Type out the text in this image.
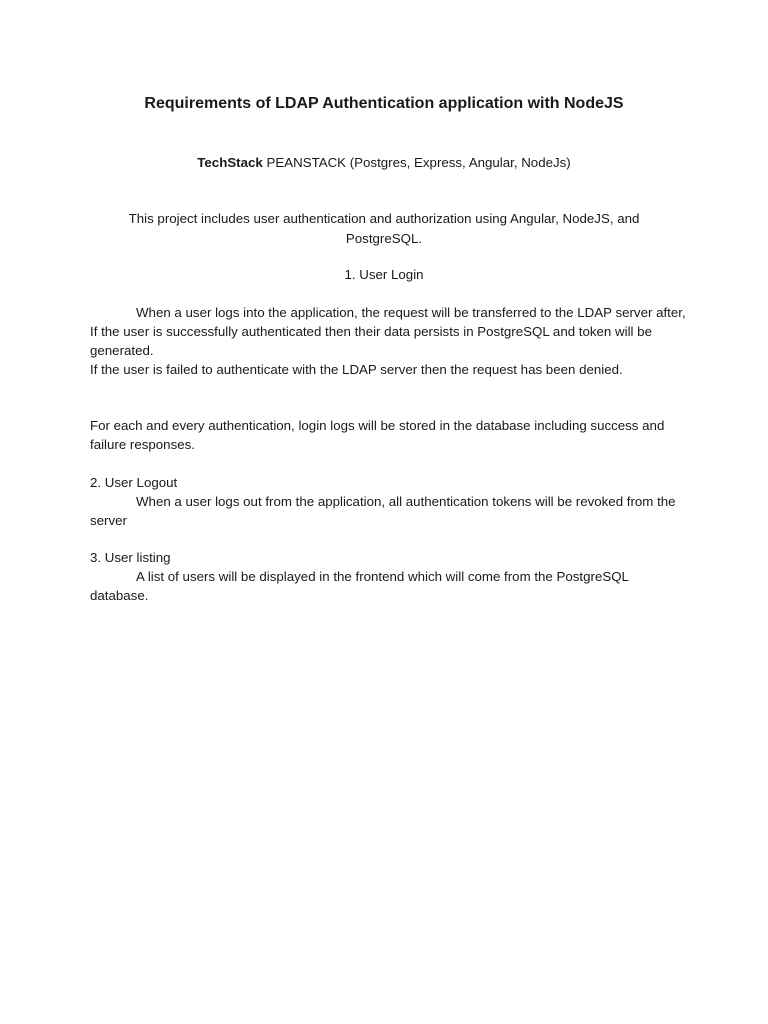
Requirements of LDAP Authentication application with NodeJS

TechStack PEANSTACK (Postgres, Express, Angular, NodeJs)

This project includes user authentication and authorization using Angular, NodeJS, and PostgreSQL.

1. User Login

When a user logs into the application, the request will be transferred to the LDAP server after,

If the user is successfully authenticated then their data persists in PostgreSQL and token will be generated.

If the user is failed to authenticate with the LDAP server then the request has been denied.

For each and every authentication, login logs will be stored in the database including success and failure responses.

2. User Logout

When a user logs out from the application, all authentication tokens will be revoked from the server

3. User listing

A list of users will be displayed in the frontend which will come from the PostgreSQL database.
